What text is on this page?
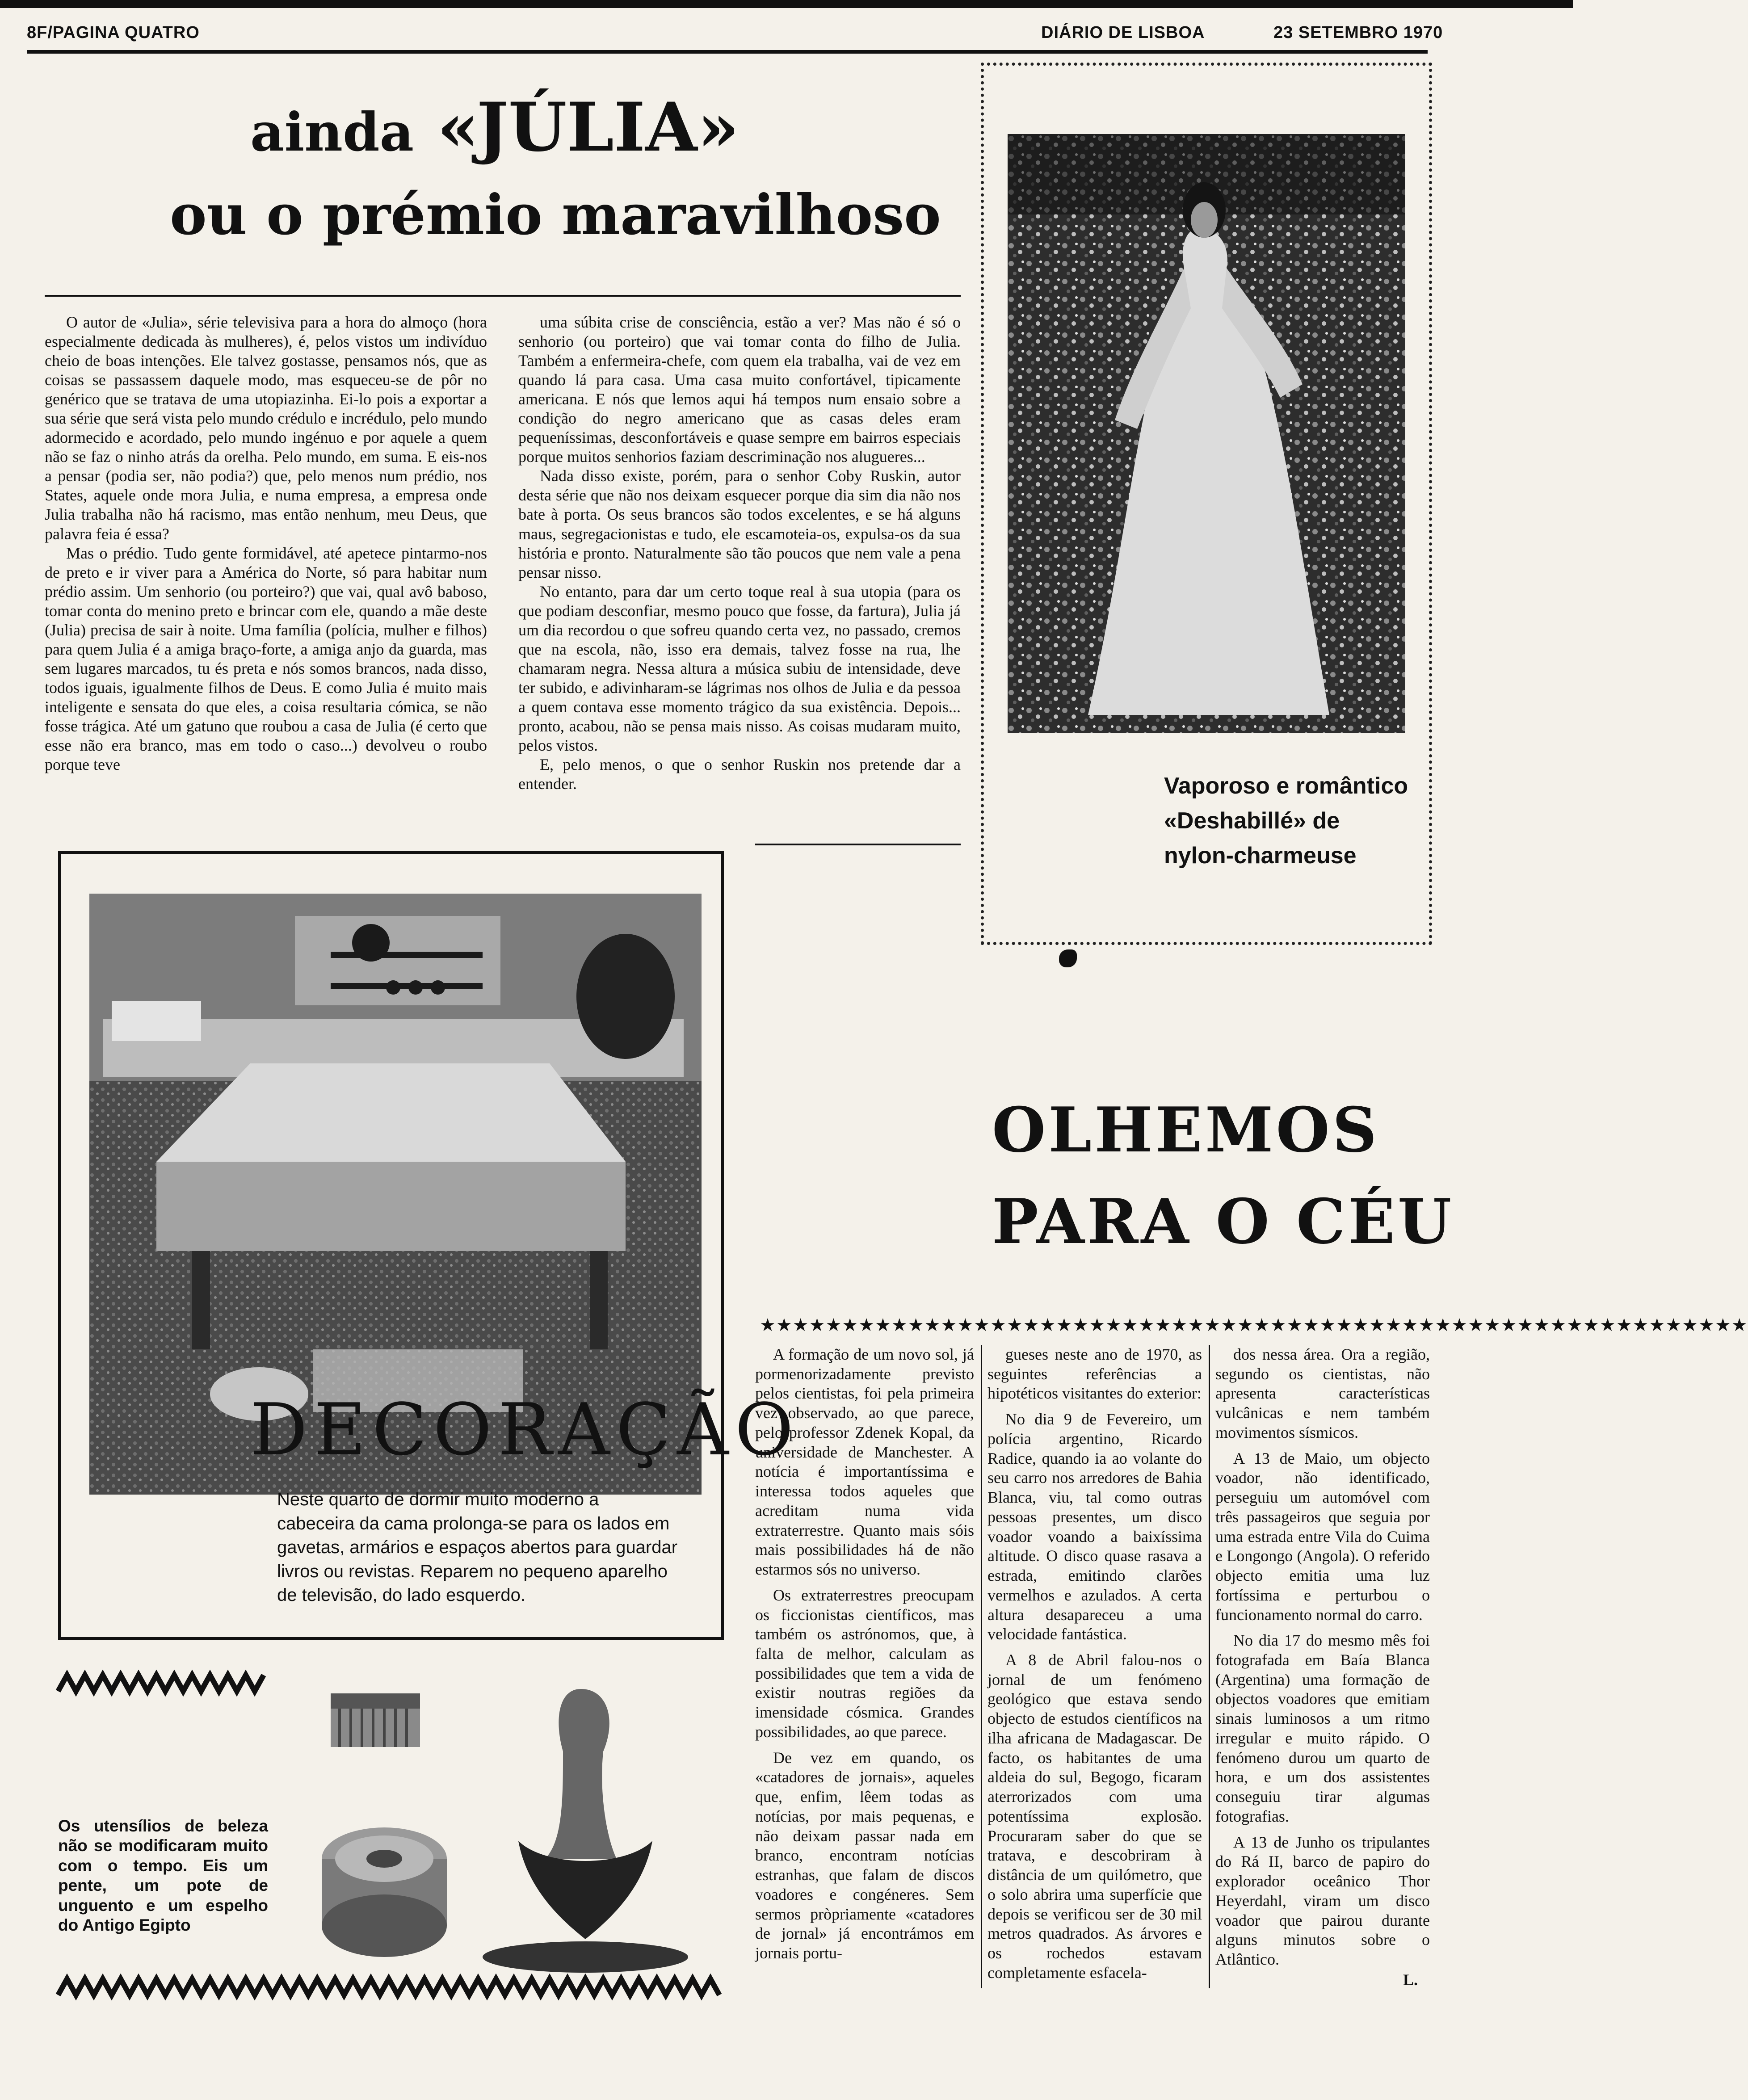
8F/PAGINA QUATRO	DIÁRIO DE LISBOA	23 SETEMBRO 1970
ainda «JÚLIA»
ou o prémio maravilhoso

O autor de «Julia», série televisiva para a hora do almoço (hora especialmente dedicada às mulheres), é, pelos vistos um indivíduo cheio de boas intenções. Ele talvez gostasse, pensamos nós, que as coisas se passassem daquele modo, mas esqueceu-se de pôr no genérico que se tratava de uma utopiazinha. Ei-lo pois a exportar a sua série que será vista pelo mundo crédulo e incrédulo, pelo mundo adormecido e acordado, pelo mundo ingénuo e por aquele a quem não se faz o ninho atrás da orelha. Pelo mundo, em suma. E eis-nos a pensar (podia ser, não podia?) que, pelo menos num prédio, nos States, aquele onde mora Julia, e numa empresa, a empresa onde Julia trabalha não há racismo, mas então nenhum, meu Deus, que palavra feia é essa?

Mas o prédio. Tudo gente formidável, até apetece pintarmo-nos de preto e ir viver para a América do Norte, só para habitar num prédio assim. Um senhorio (ou porteiro?) que vai, qual avô baboso, tomar conta do menino preto e brincar com ele, quando a mãe deste (Julia) precisa de sair à noite. Uma família (polícia, mulher e filhos) para quem Julia é a amiga braço-forte, a amiga anjo da guarda, mas sem lugares marcados, tu és preta e nós somos brancos, nada disso, todos iguais, igualmente filhos de Deus. E como Julia é muito mais inteligente e sensata do que eles, a coisa resultaria cómica, se não fosse trágica. Até um gatuno que roubou a casa de Julia (é certo que esse não era branco, mas em todo o caso...) devolveu o roubo porque teve

uma súbita crise de consciência, estão a ver? Mas não é só o senhorio (ou porteiro) que vai tomar conta do filho de Julia. Também a enfermeira-chefe, com quem ela trabalha, vai de vez em quando lá para casa. Uma casa muito confortável, tipicamente americana. E nós que lemos aqui há tempos num ensaio sobre a condição do negro americano que as casas deles eram pequeníssimas, desconfortáveis e quase sempre em bairros especiais porque muitos senhorios faziam descriminação nos alugueres...

Nada disso existe, porém, para o senhor Coby Ruskin, autor desta série que não nos deixam esquecer porque dia sim dia não nos bate à porta. Os seus brancos são todos excelentes, e se há alguns maus, segregacionistas e tudo, ele escamoteia-os, expulsa-os da sua história e pronto. Naturalmente são tão poucos que nem vale a pena pensar nisso.

No entanto, para dar um certo toque real à sua utopia (para os que podiam desconfiar, mesmo pouco que fosse, da fartura), Julia já um dia recordou o que sofreu quando certa vez, no passado, cremos que na escola, não, isso era demais, talvez fosse na rua, lhe chamaram negra. Nessa altura a música subiu de intensidade, deve ter subido, e adivinharam-se lágrimas nos olhos de Julia e da pessoa a quem contava esse momento trágico da sua existência. Depois... pronto, acabou, não se pensa mais nisso. As coisas mudaram muito, pelos vistos.

E, pelo menos, o que o senhor Ruskin nos pretende dar a entender.	Vaporoso e romântico
«Deshabillé» de
nylon-charmeuse
DECORAÇÃO
Neste quarto de dormir muito moderno a cabeceira da cama prolonga-se para os lados em gavetas, armários e espaços abertos para guardar livros ou revistas. Reparem no pequeno aparelho de televisão, do lado esquerdo.
Os utensílios de beleza não se modificaram muito com o tempo. Eis um pente, um pote de unguento e um espelho do Antigo Egipto
OLHEMOS
PARA O CÉU
★★★★★★★★★★★★★★★★★★★★★★★★★★★★★★★★★★★★★★★★★★★★★★★★★★★★★★★★★★★★

A formação de um novo sol, já pormenorizadamente previsto pelos cientistas, foi pela primeira vez observado, ao que parece, pelo professor Zdenek Kopal, da universidade de Manchester. A notícia é importantíssima e interessa todos aqueles que acreditam numa vida extraterrestre. Quanto mais sóis mais possibilidades há de não estarmos sós no universo.

Os extraterrestres preocupam os ficcionistas científicos, mas também os astrónomos, que, à falta de melhor, calculam as possibilidades que tem a vida de existir noutras regiões da imensidade cósmica. Grandes possibilidades, ao que parece.

De vez em quando, os «catadores de jornais», aqueles que, enfim, lêem todas as notícias, por mais pequenas, e não deixam passar nada em branco, encontram notícias estranhas, que falam de discos voadores e congéneres. Sem sermos pròpriamente «catadores de jornal» já encontrámos em jornais portu-

gueses neste ano de 1970, as seguintes referências a hipotéticos visitantes do exterior:

No dia 9 de Fevereiro, um polícia argentino, Ricardo Radice, quando ia ao volante do seu carro nos arredores de Bahia Blanca, viu, tal como outras pessoas presentes, um disco voador voando a baixíssima altitude. O disco quase rasava a estrada, emitindo clarões vermelhos e azulados. A certa altura desapareceu a uma velocidade fantástica.

A 8 de Abril falou-nos o jornal de um fenómeno geológico que estava sendo objecto de estudos científicos na ilha africana de Madagascar. De facto, os habitantes de uma aldeia do sul, Begogo, ficaram aterrorizados com uma potentíssima explosão. Procuraram saber do que se tratava, e descobriram à distância de um quilómetro, que o solo abrira uma superfície que depois se verificou ser de 30 mil metros quadrados. As árvores e os rochedos estavam completamente esfacela-

dos nessa área. Ora a região, segundo os cientistas, não apresenta características vulcânicas e nem também movimentos sísmicos.

A 13 de Maio, um objecto voador, não identificado, perseguiu um automóvel com três passageiros que seguia por uma estrada entre Vila do Cuima e Longongo (Angola). O referido objecto emitia uma luz fortíssima e perturbou o funcionamento normal do carro.

No dia 17 do mesmo mês foi fotografada em Baía Blanca (Argentina) uma formação de objectos voadores que emitiam sinais luminosos a um ritmo irregular e muito rápido. O fenómeno durou um quarto de hora, e um dos assistentes conseguiu tirar algumas fotografias.

A 13 de Junho os tripulantes do Rá II, barco de papiro do explorador oceânico Thor Heyerdahl, viram um disco voador que pairou durante alguns minutos sobre o Atlântico.

L.
